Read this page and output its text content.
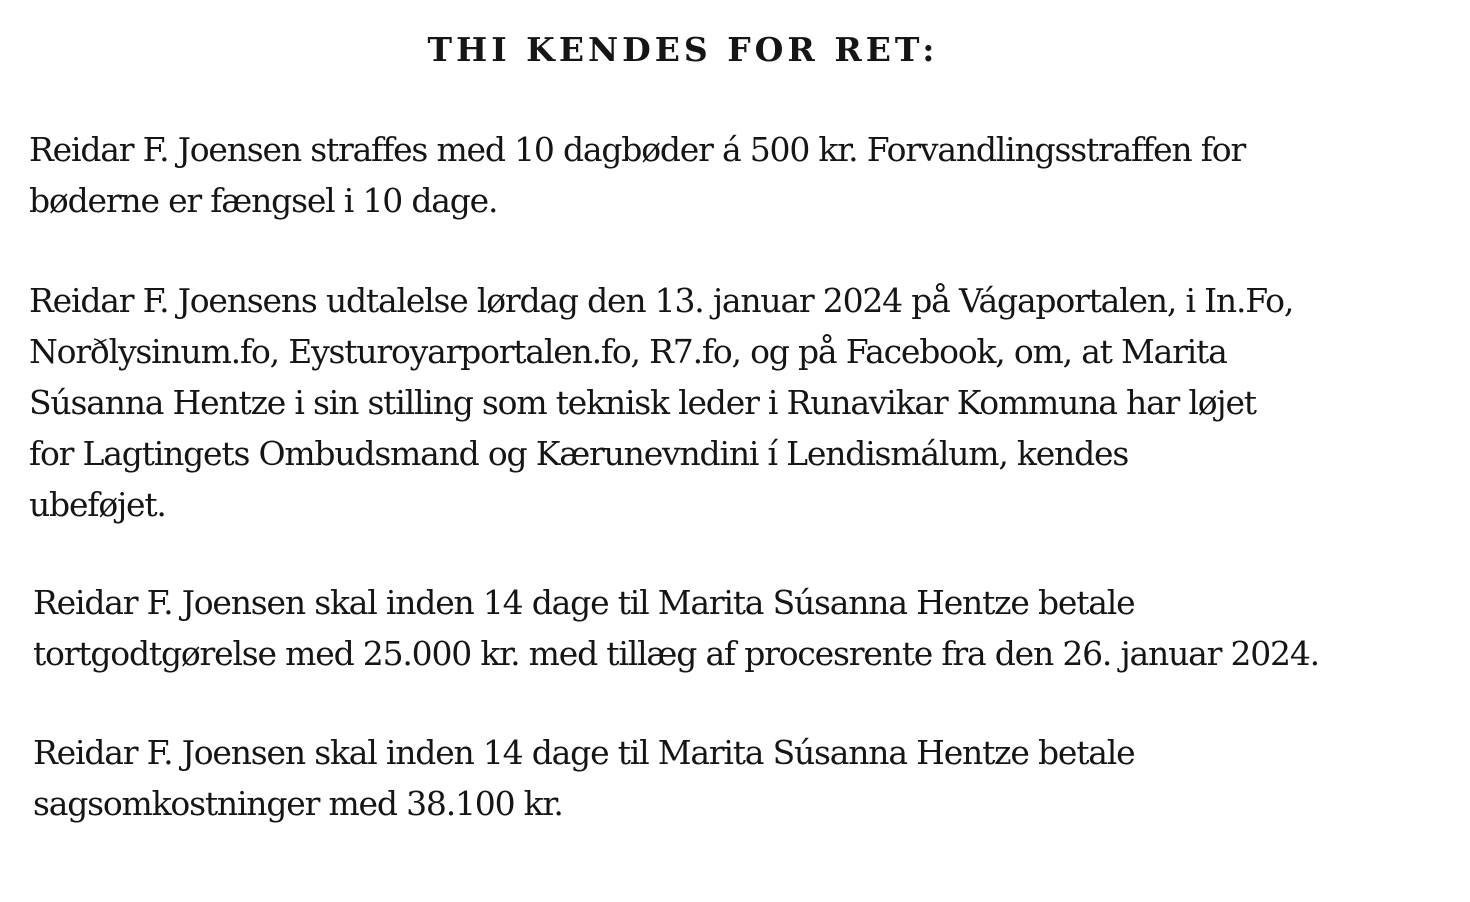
THI KENDES FOR RET:

Reidar F. Joensen straffes med 10 dagbøder á 500 kr. Forvandlingsstraffen for
bøderne er fængsel i 10 dage.

Reidar F. Joensens udtalelse lørdag den 13. januar 2024 på Vágaportalen, i In.Fo,
Norðlysinum.fo, Eysturoyarportalen.fo, R7.fo, og på Facebook, om, at Marita
Súsanna Hentze i sin stilling som teknisk leder i Runavikar Kommuna har løjet
for Lagtingets Ombudsmand og Kærunevndini í Lendismálum, kendes
ubeføjet.

Reidar F. Joensen skal inden 14 dage til Marita Súsanna Hentze betale
tortgodtgørelse med 25.000 kr. med tillæg af procesrente fra den 26. januar 2024.

Reidar F. Joensen skal inden 14 dage til Marita Súsanna Hentze betale
sagsomkostninger med 38.100 kr.
